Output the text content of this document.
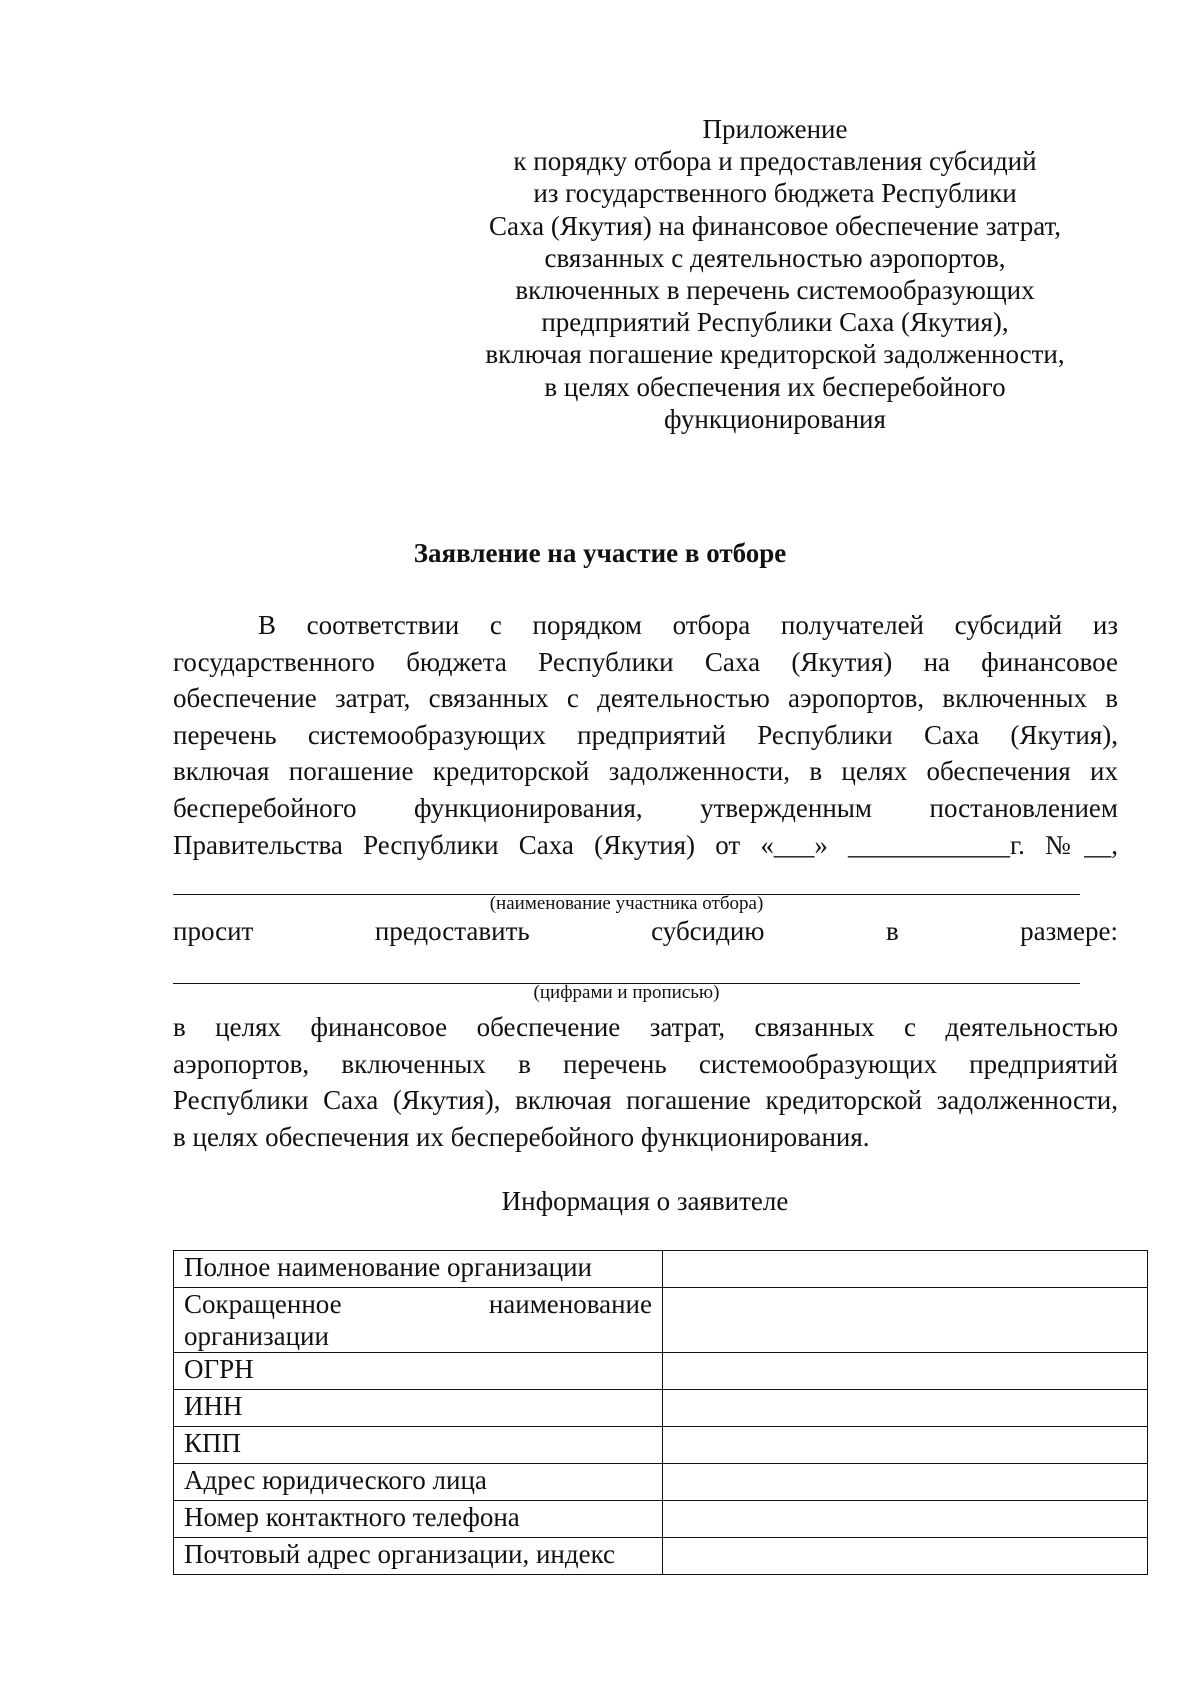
Приложение
к порядку отбора и предоставления субсидий
из государственного бюджета Республики
Саха (Якутия) на финансовое обеспечение затрат,
связанных с деятельностью аэропортов,
включенных в перечень системообразующих
предприятий Республики Саха (Якутия),
включая погашение кредиторской задолженности,
в целях обеспечения их бесперебойного
функционирования
Заявление на участие в отборе
В соответствии с порядком отбора получателей субсидий из
государственного бюджета Республики Саха (Якутия) на финансовое
обеспечение затрат, связанных с деятельностью аэропортов, включенных в
перечень системообразующих предприятий Республики Саха (Якутия),
включая погашение кредиторской задолженности, в целях обеспечения их
бесперебойного функционирования, утвержденным постановлением
Правительства Республики Саха (Якутия) от «___» ____________г. №__,
(наименование участника отбора)
просит	предоставить	субсидию	в	размере:
(цифрами и прописью)
в целях финансовое обеспечение затрат, связанных с деятельностью
аэропортов, включенных в перечень системообразующих предприятий
Республики Саха (Якутия), включая погашение кредиторской задолженности,
в целях обеспечения их бесперебойного функционирования.
Информация о заявителе
Полное наименование организации	

Сокращенное наименование
организации	

ОГРН	
ИНН	
КПП	
Адрес юридического лица	
Номер контактного телефона	
Почтовый адрес организации, индекс	
